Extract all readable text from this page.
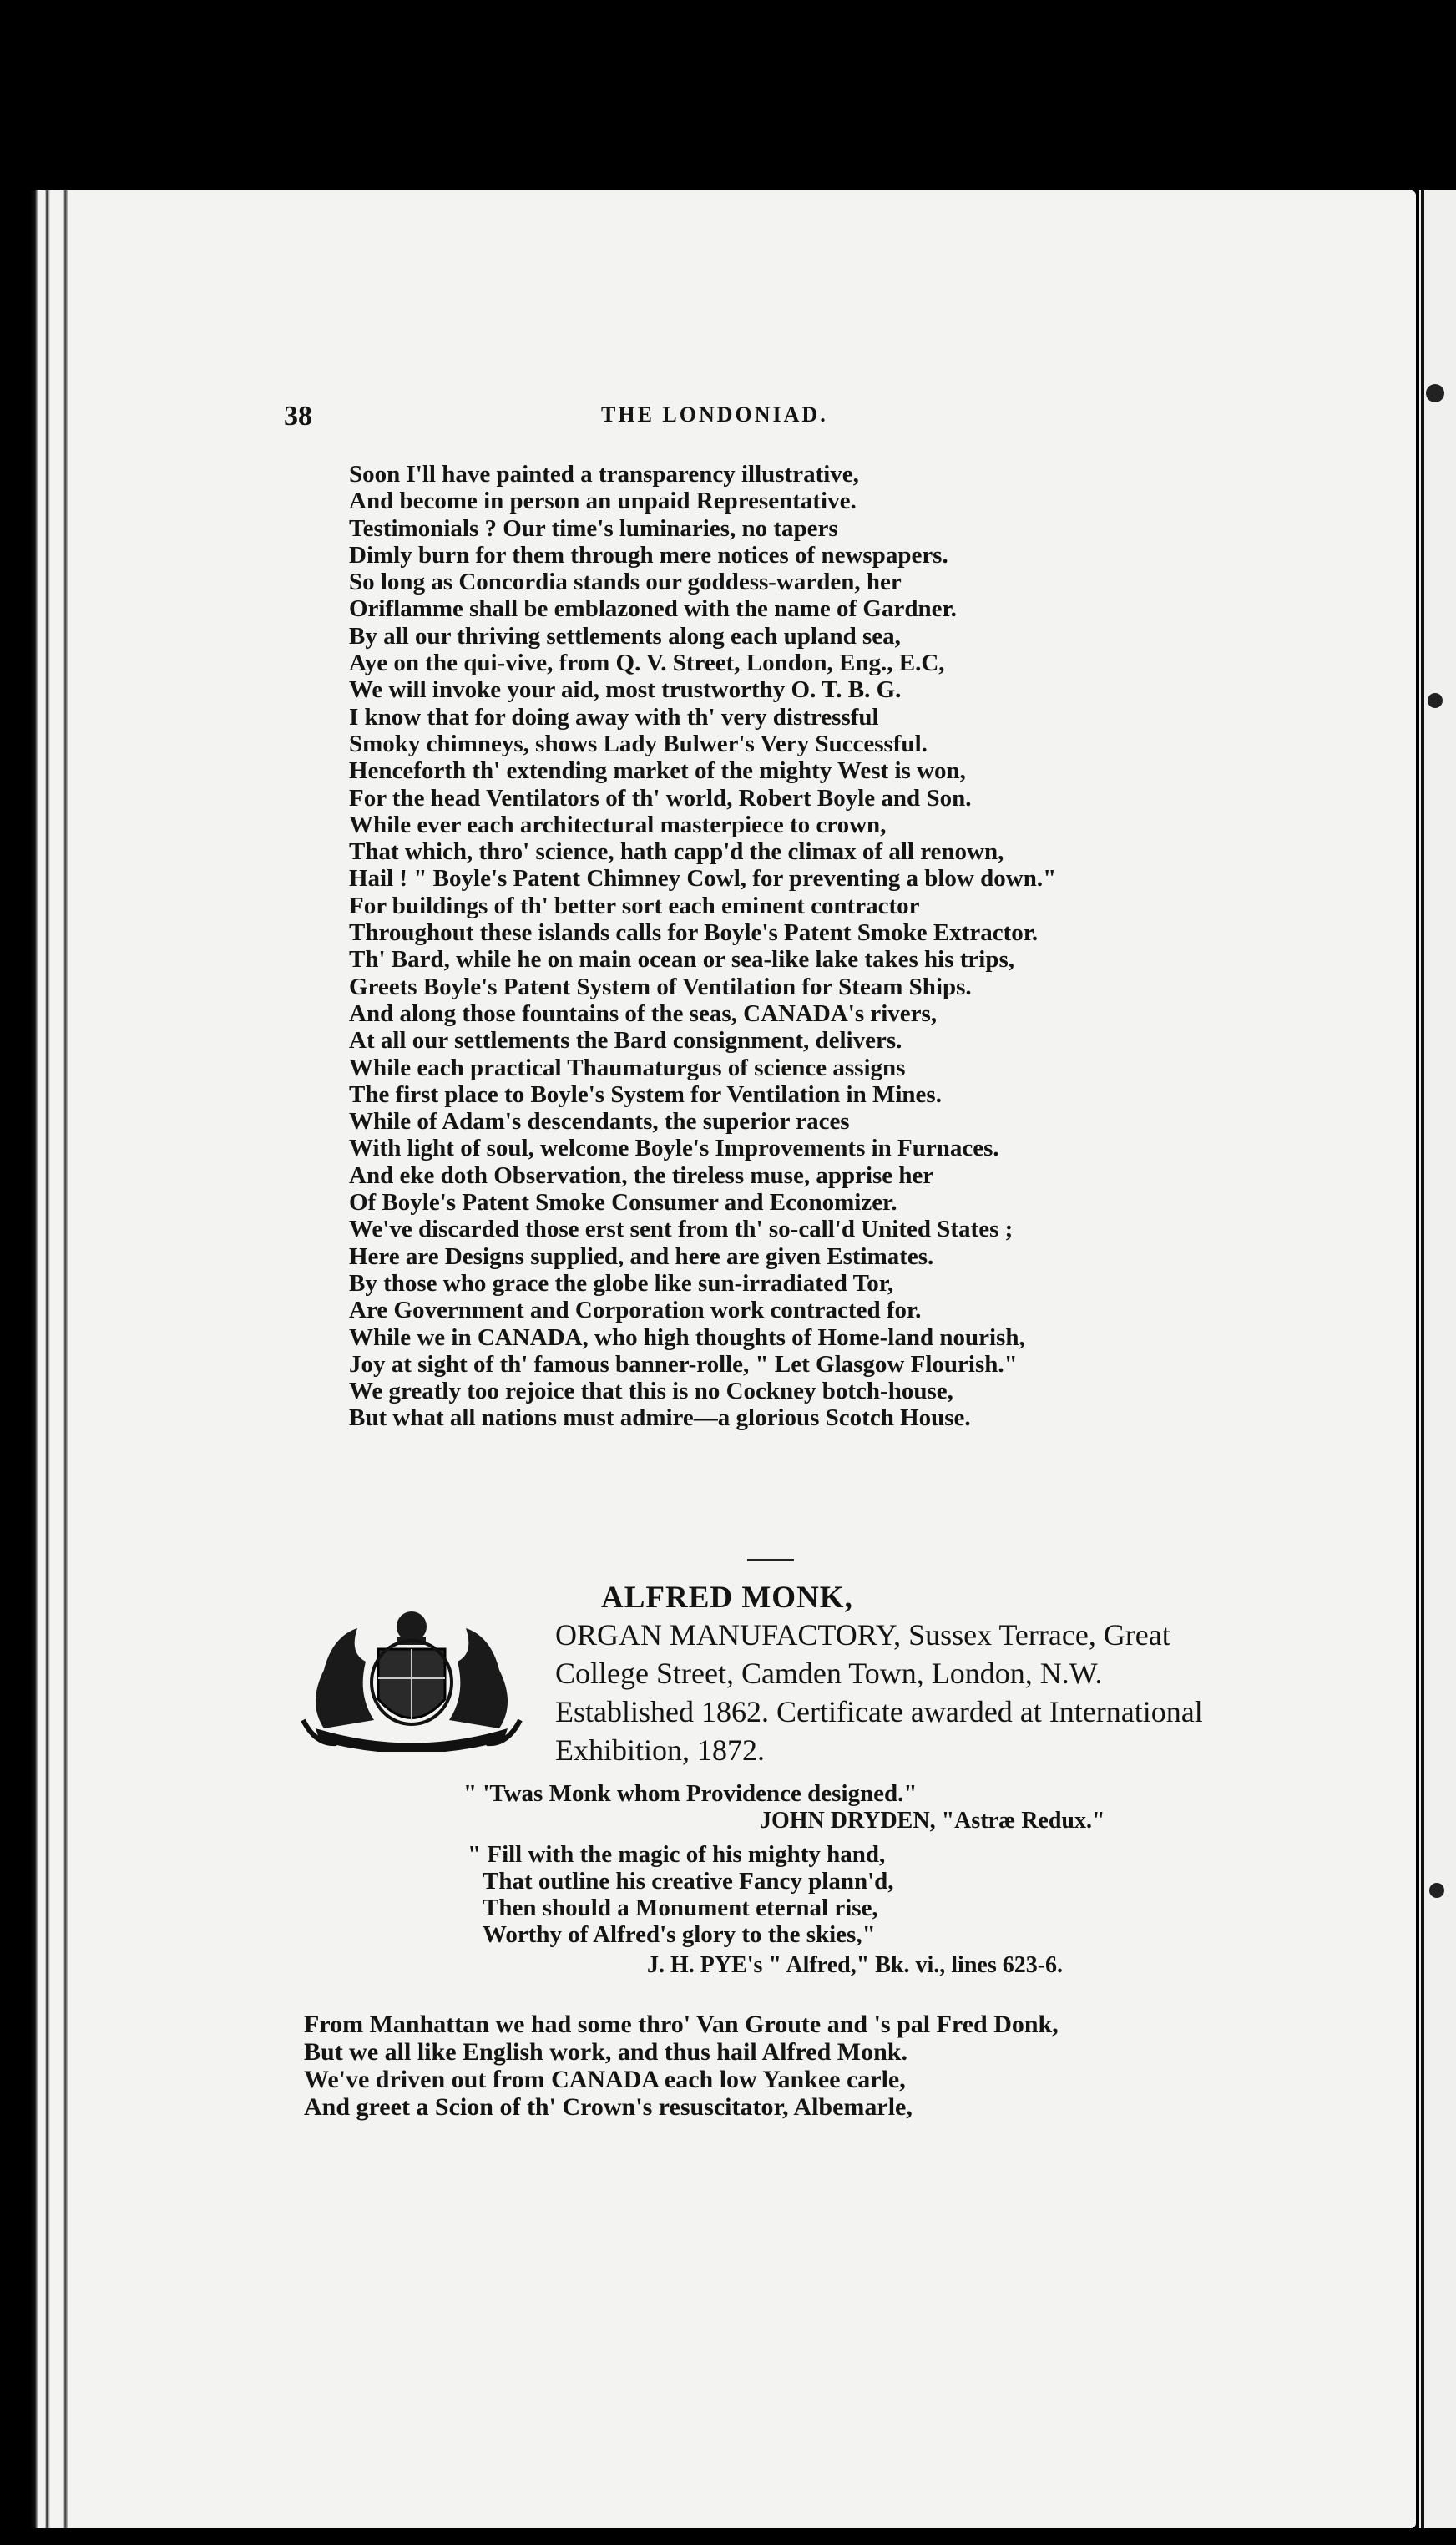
38	THE LONDONIAD.
Soon I'll have painted a transparency illustrative,
And become in person an unpaid Representative.
Testimonials ? Our time's luminaries, no tapers
Dimly burn for them through mere notices of newspapers.
So long as Concordia stands our goddess-warden, her
Oriflamme shall be emblazoned with the name of Gardner.
By all our thriving settlements along each upland sea,
Aye on the qui-vive, from Q. V. Street, London, Eng., E.C,
We will invoke your aid, most trustworthy O. T. B. G.
I know that for doing away with th' very distressful
Smoky chimneys, shows Lady Bulwer's Very Successful.
Henceforth th' extending market of the mighty West is won,
For the head Ventilators of th' world, Robert Boyle and Son.
While ever each architectural masterpiece to crown,
That which, thro' science, hath capp'd the climax of all renown,
Hail ! " Boyle's Patent Chimney Cowl, for preventing a blow down."
For buildings of th' better sort each eminent contractor
Throughout these islands calls for Boyle's Patent Smoke Extractor.
Th' Bard, while he on main ocean or sea-like lake takes his trips,
Greets Boyle's Patent System of Ventilation for Steam Ships.
And along those fountains of the seas, CANADA's rivers,
At all our settlements the Bard consignment, delivers.
While each practical Thaumaturgus of science assigns
The first place to Boyle's System for Ventilation in Mines.
While of Adam's descendants, the superior races
With light of soul, welcome Boyle's Improvements in Furnaces.
And eke doth Observation, the tireless muse, apprise her
Of Boyle's Patent Smoke Consumer and Economizer.
We've discarded those erst sent from th' so-call'd United States ;
Here are Designs supplied, and here are given Estimates.
By those who grace the globe like sun-irradiated Tor,
Are Government and Corporation work contracted for.
While we in CANADA, who high thoughts of Home-land nourish,
Joy at sight of th' famous banner-rolle, " Let Glasgow Flourish."
We greatly too rejoice that this is no Cockney botch-house,
But what all nations must admire—a glorious Scotch House.
ALFRED MONK,
ORGAN MANUFACTORY, Sussex Terrace, Great College Street, Camden Town, London, N.W. Established 1862. Certificate awarded at International Exhibition, 1872.
" 'Twas Monk whom Providence designed."
JOHN DRYDEN, "Astræ Redux."
" Fill with the magic of his mighty hand,
That outline his creative Fancy plann'd,
Then should a Monument eternal rise,
Worthy of Alfred's glory to the skies,"
J. H. PYE's " Alfred," Bk. vi., lines 623-6.
From Manhattan we had some thro' Van Groute and 's pal Fred Donk,
But we all like English work, and thus hail Alfred Monk.
We've driven out from CANADA each low Yankee carle,
And greet a Scion of th' Crown's resuscitator, Albemarle,
